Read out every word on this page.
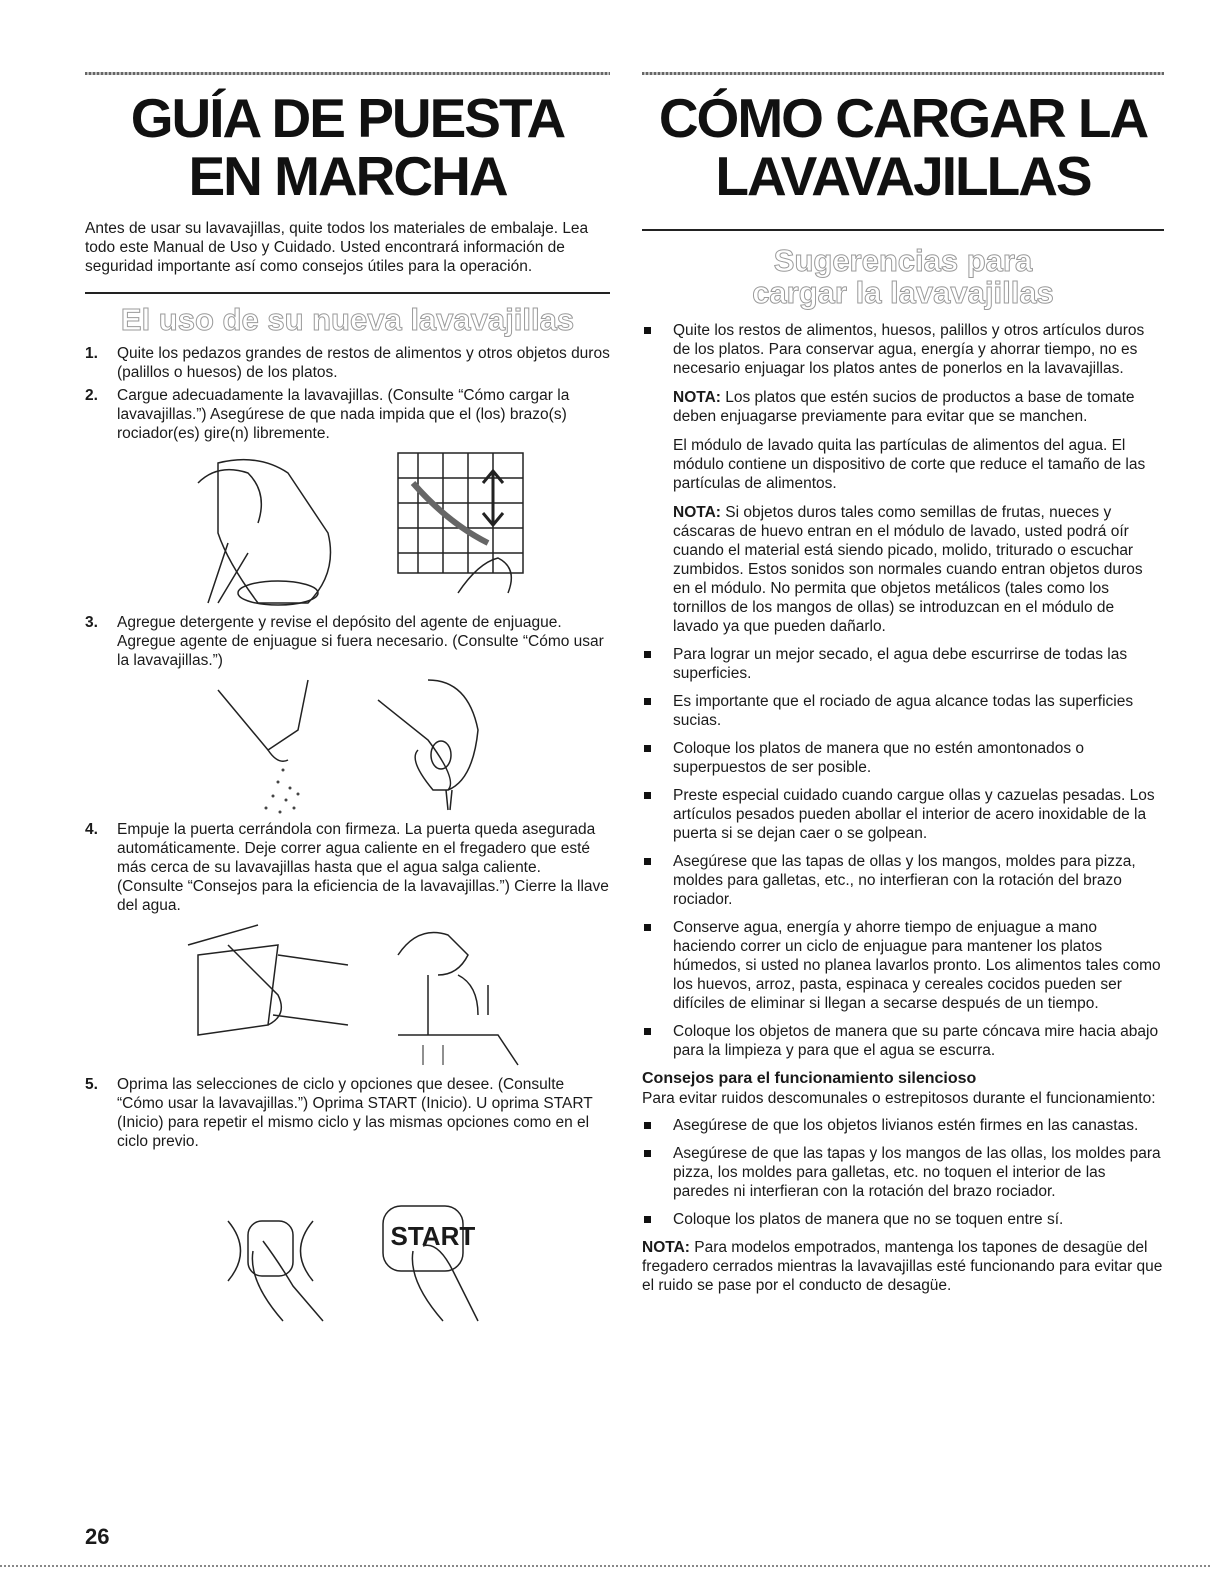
GUÍA DE PUESTA
EN MARCHA

Antes de usar su lavavajillas, quite todos los materiales de embalaje. Lea todo este Manual de Uso y Cuidado. Usted encontrará información de seguridad importante así como consejos útiles para la operación.

El uso de su nueva lavavajillas
1. Quite los pedazos grandes de restos de alimentos y otros objetos duros (palillos o huesos) de los platos.
2. Cargue adecuadamente la lavavajillas. (Consulte “Cómo cargar la lavavajillas.”) Asegúrese de que nada impida que el (los) brazo(s) rociador(es) gire(n) libremente.
3. Agregue detergente y revise el depósito del agente de enjuague. Agregue agente de enjuague si fuera necesario. (Consulte “Cómo usar la lavavajillas.”)
4. Empuje la puerta cerrándola con firmeza. La puerta queda asegurada automáticamente. Deje correr agua caliente en el fregadero que esté más cerca de su lavavajillas hasta que el agua salga caliente. (Consulte “Consejos para la eficiencia de la lavavajillas.”) Cierre la llave del agua.
5. Oprima las selecciones de ciclo y opciones que desee. (Consulte “Cómo usar la lavavajillas.”) Oprima START (Inicio). U oprima START (Inicio) para repetir el mismo ciclo y las mismas opciones como en el ciclo previo.
START
CÓMO CARGAR LA
LAVAVAJILLAS
Sugerencias para
cargar la lavavajillas
Quite los restos de alimentos, huesos, palillos y otros artículos duros de los platos. Para conservar agua, energía y ahorrar tiempo, no es necesario enjuagar los platos antes de ponerlos en la lavavajillas.
NOTA: Los platos que estén sucios de productos a base de tomate deben enjuagarse previamente para evitar que se manchen.
El módulo de lavado quita las partículas de alimentos del agua. El módulo contiene un dispositivo de corte que reduce el tamaño de las partículas de alimentos.
NOTA: Si objetos duros tales como semillas de frutas, nueces y cáscaras de huevo entran en el módulo de lavado, usted podrá oír cuando el material está siendo picado, molido, triturado o escuchar zumbidos. Estos sonidos son normales cuando entran objetos duros en el módulo. No permita que objetos metálicos (tales como los tornillos de los mangos de ollas) se introduzcan en el módulo de lavado ya que pueden dañarlo.
Para lograr un mejor secado, el agua debe escurrirse de todas las superficies.
Es importante que el rociado de agua alcance todas las superficies sucias.
Coloque los platos de manera que no estén amontonados o superpuestos de ser posible.
Preste especial cuidado cuando cargue ollas y cazuelas pesadas. Los artículos pesados pueden abollar el interior de acero inoxidable de la puerta si se dejan caer o se golpean.
Asegúrese que las tapas de ollas y los mangos, moldes para pizza, moldes para galletas, etc., no interfieran con la rotación del brazo rociador.
Conserve agua, energía y ahorre tiempo de enjuague a mano haciendo correr un ciclo de enjuague para mantener los platos húmedos, si usted no planea lavarlos pronto. Los alimentos tales como los huevos, arroz, pasta, espinaca y cereales cocidos pueden ser difíciles de eliminar si llegan a secarse después de un tiempo.
Coloque los objetos de manera que su parte cóncava mire hacia abajo para la limpieza y para que el agua se escurra.
Consejos para el funcionamiento silencioso
Para evitar ruidos descomunales o estrepitosos durante el funcionamiento:
Asegúrese de que los objetos livianos estén firmes en las canastas.
Asegúrese de que las tapas y los mangos de las ollas, los moldes para pizza, los moldes para galletas, etc. no toquen el interior de las paredes ni interfieran con la rotación del brazo rociador.
Coloque los platos de manera que no se toquen entre sí.
NOTA: Para modelos empotrados, mantenga los tapones de desagüe del fregadero cerrados mientras la lavavajillas esté funcionando para evitar que el ruido se pase por el conducto de desagüe.
26
